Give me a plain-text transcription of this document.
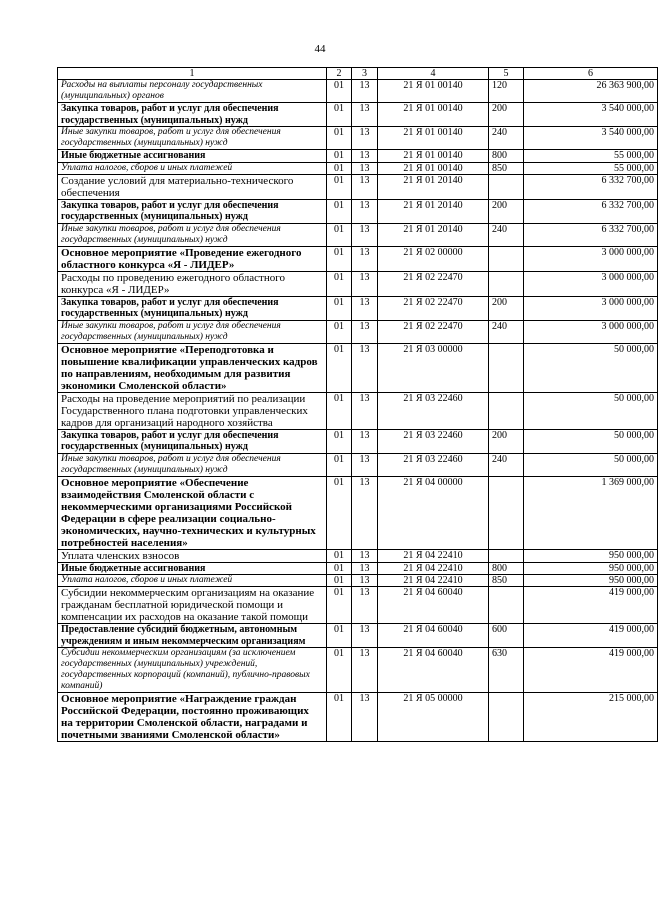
44
1	2	3	4	5	6
Расходы на выплаты персоналу государственных (муниципальных) органов	01	13	21 Я 01 00140	120	26 363 900,00
Закупка товаров, работ и услуг для обеспечения государственных (муниципальных) нужд	01	13	21 Я 01 00140	200	3 540 000,00
Иные закупки товаров, работ и услуг для обеспечения государственных (муниципальных) нужд	01	13	21 Я 01 00140	240	3 540 000,00
Иные бюджетные ассигнования	01	13	21 Я 01 00140	800	55 000,00
Уплата налогов, сборов и иных платежей	01	13	21 Я 01 00140	850	55 000,00
Создание условий для материально-технического обеспечения	01	13	21 Я 01 20140		6 332 700,00
Закупка товаров, работ и услуг для обеспечения государственных (муниципальных) нужд	01	13	21 Я 01 20140	200	6 332 700,00
Иные закупки товаров, работ и услуг для обеспечения государственных (муниципальных) нужд	01	13	21 Я 01 20140	240	6 332 700,00
Основное мероприятие «Проведение ежегодного областного конкурса «Я - ЛИДЕР»	01	13	21 Я 02 00000		3 000 000,00
Расходы по проведению ежегодного областного конкурса «Я - ЛИДЕР»	01	13	21 Я 02 22470		3 000 000,00
Закупка товаров, работ и услуг для обеспечения государственных (муниципальных) нужд	01	13	21 Я 02 22470	200	3 000 000,00
Иные закупки товаров, работ и услуг для обеспечения государственных (муниципальных) нужд	01	13	21 Я 02 22470	240	3 000 000,00
Основное мероприятие «Переподготовка и повышение квалификации управленческих кадров по направлениям, необходимым для развития экономики Смоленской области»	01	13	21 Я 03 00000		50 000,00
Расходы на проведение мероприятий по реализации Государственного плана подготовки управленческих кадров для организаций народного хозяйства	01	13	21 Я 03 22460		50 000,00
Закупка товаров, работ и услуг для обеспечения государственных (муниципальных) нужд	01	13	21 Я 03 22460	200	50 000,00
Иные закупки товаров, работ и услуг для обеспечения государственных (муниципальных) нужд	01	13	21 Я 03 22460	240	50 000,00
Основное мероприятие «Обеспечение взаимодействия Смоленской области с некоммерческими организациями Российской Федерации в сфере реализации социально-экономических, научно-технических и культурных потребностей населения»	01	13	21 Я 04 00000		1 369 000,00
Уплата членских взносов	01	13	21 Я 04 22410		950 000,00
Иные бюджетные ассигнования	01	13	21 Я 04 22410	800	950 000,00
Уплата налогов, сборов и иных платежей	01	13	21 Я 04 22410	850	950 000,00
Субсидии некоммерческим организациям на оказание гражданам бесплатной юридической помощи и компенсации их расходов на оказание такой помощи	01	13	21 Я 04 60040		419 000,00
Предоставление субсидий бюджетным, автономным учреждениям и иным некоммерческим организациям	01	13	21 Я 04 60040	600	419 000,00
Субсидии некоммерческим организациям (за исключением государственных (муниципальных) учреждений, государственных корпораций (компаний), публично-правовых компаний)	01	13	21 Я 04 60040	630	419 000,00
Основное мероприятие «Награждение граждан Российской Федерации, постоянно проживающих на территории Смоленской области, наградами и почетными званиями Смоленской области»	01	13	21 Я 05 00000		215 000,00
